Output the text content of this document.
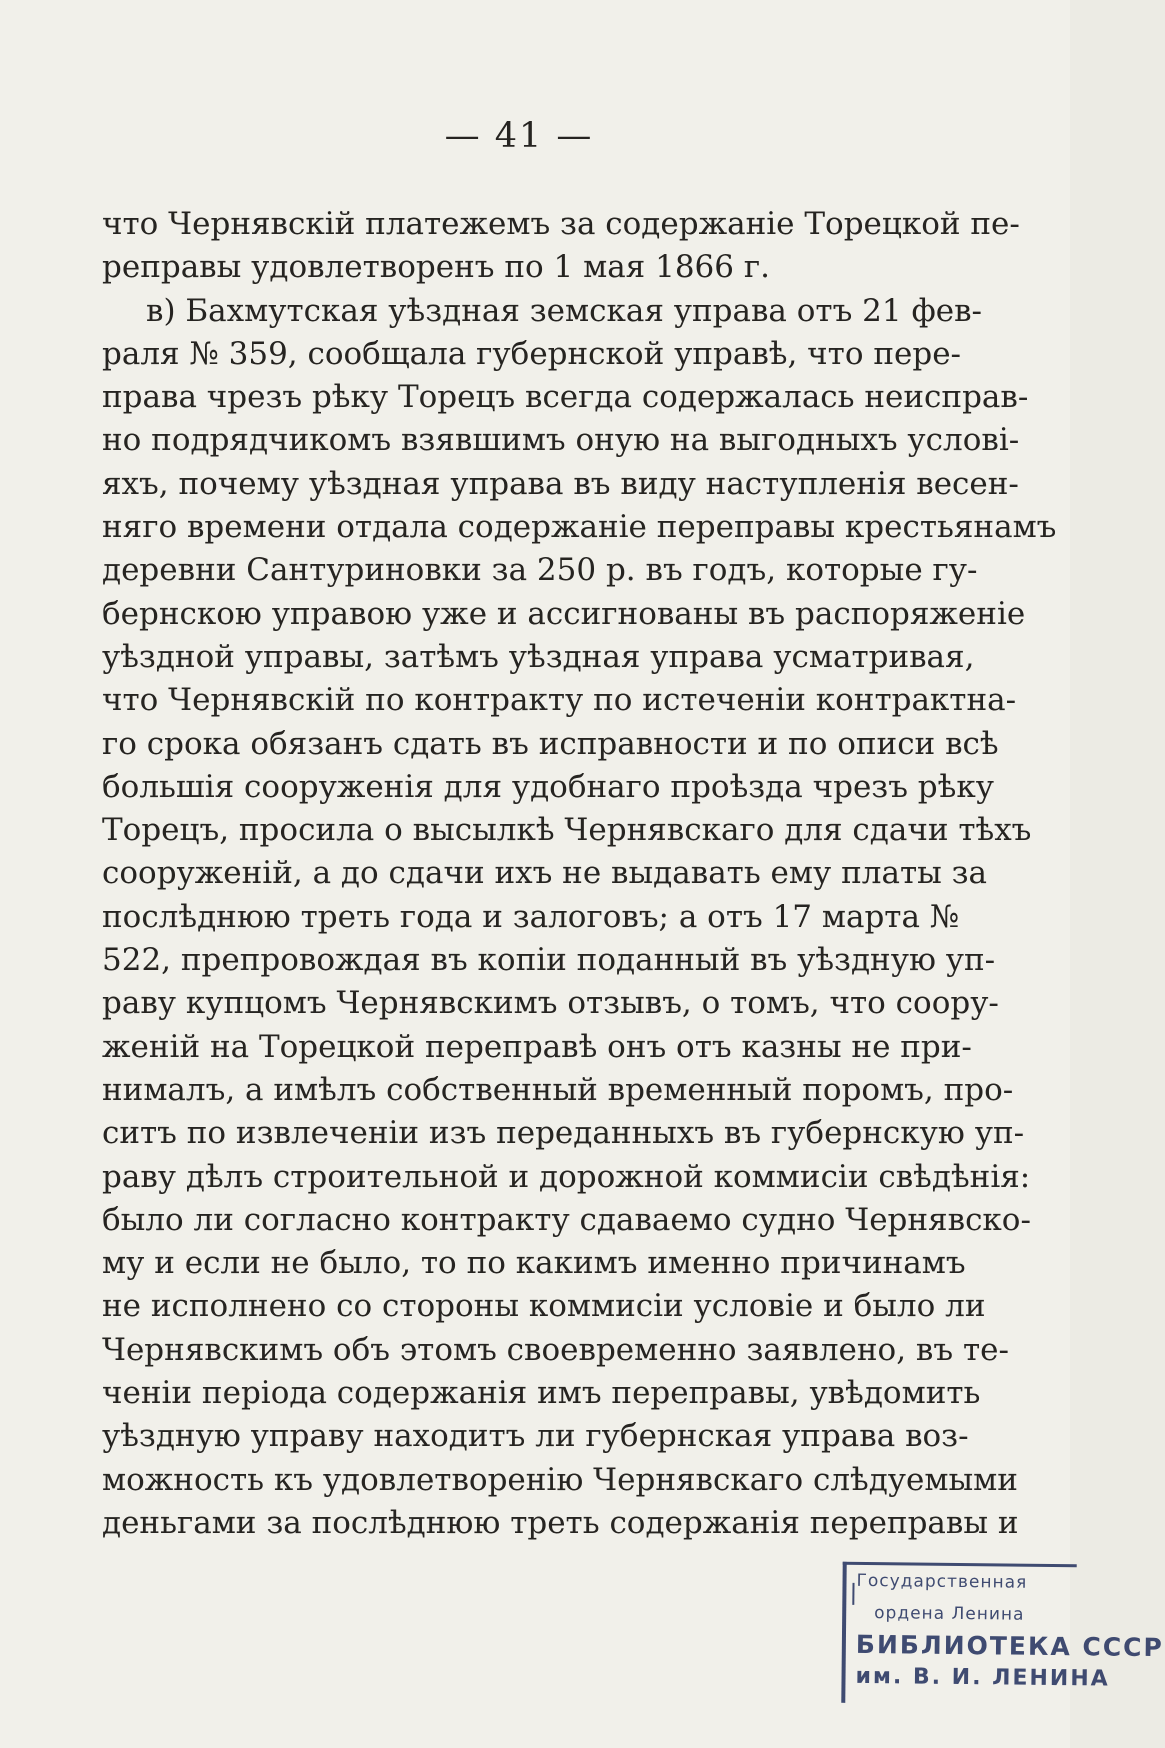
— 41 —
что Чернявскій платежемъ за содержаніе Торецкой пе-
реправы удовлетворенъ по 1 мая 1866 г.
в) Бахмутская уѣздная земская управа отъ 21 фев-
раля № 359, сообщала губернской управѣ, что пере-
права чрезъ рѣку Торецъ всегда содержалась неисправ-
но подрядчикомъ взявшимъ оную на выгодныхъ услові-
яхъ, почему уѣздная управа въ виду наступленія весен-
няго времени отдала содержаніе переправы крестьянамъ
деревни Сантуриновки за 250 р. въ годъ, которые гу-
бернскою управою уже и ассигнованы въ распоряженіе
уѣздной управы, затѣмъ уѣздная управа усматривая,
что Чернявскій по контракту по истеченіи контрактна-
го срока обязанъ сдать въ исправности и по описи всѣ
большія сооруженія для удобнаго проѣзда чрезъ рѣку
Торецъ, просила о высылкѣ Чернявскаго для сдачи тѣхъ
сооруженій, а до сдачи ихъ не выдавать ему платы за
послѣднюю треть года и залоговъ; а отъ 17 марта №
522, препровождая въ копіи поданный въ уѣздную уп-
раву купцомъ Чернявскимъ отзывъ, о томъ, что соору-
женій на Торецкой переправѣ онъ отъ казны не при-
нималъ, а имѣлъ собственный временный поромъ, про-
ситъ по извлеченіи изъ переданныхъ въ губернскую уп-
раву дѣлъ строительной и дорожной коммисіи свѣдѣнія:
было ли согласно контракту сдаваемо судно Чернявско-
му и если не было, то по какимъ именно причинамъ
не исполнено со стороны коммисіи условіе и было ли
Чернявскимъ объ этомъ своевременно заявлено, въ те-
ченіи періода содержанія имъ переправы, увѣдомить
уѣздную управу находитъ ли губернская управа воз-
можность къ удовлетворенію Чернявскаго слѣдуемыми
деньгами за послѣднюю треть содержанія переправы и
Государственная
ордена Ленина
БИБЛИОТЕКА СССР
им. В. И. ЛЕНИНА
